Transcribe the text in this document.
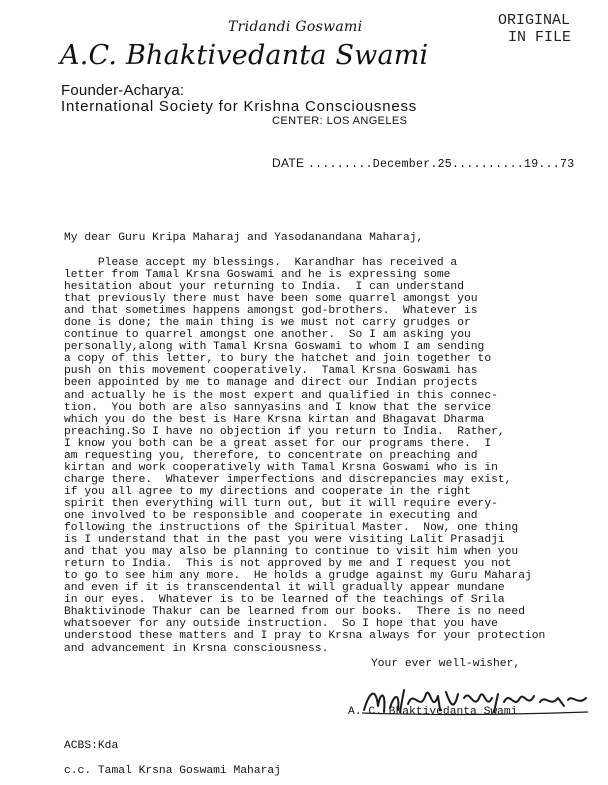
Tridandi Goswami	ORIGINAL
IN FILE
A.C. Bhaktivedanta Swami
Founder-Acharya:
International Society for Krishna Consciousness
CENTER: LOS ANGELES
DATE .........December.25..........19...73
My dear Guru Kripa Maharaj and Yasodanandana Maharaj,
Please accept my blessings.  Karandhar has received a
letter from Tamal Krsna Goswami and he is expressing some
hesitation about your returning to India.  I can understand
that previously there must have been some quarrel amongst you
and that sometimes happens amongst god-brothers.  Whatever is
done is done; the main thing is we must not carry grudges or
continue to quarrel amongst one another.  So I am asking you
personally,along with Tamal Krsna Goswami to whom I am sending
a copy of this letter, to bury the hatchet and join together to
push on this movement cooperatively.  Tamal Krsna Goswami has
been appointed by me to manage and direct our Indian projects
and actually he is the most expert and qualified in this connec-
tion.  You both are also sannyasins and I know that the service
which you do the best is Hare Krsna kirtan and Bhagavat Dharma
preaching.So I have no objection if you return to India.  Rather,
I know you both can be a great asset for our programs there.  I
am requesting you, therefore, to concentrate on preaching and
kirtan and work cooperatively with Tamal Krsna Goswami who is in
charge there.  Whatever imperfections and discrepancies may exist,
if you all agree to my directions and cooperate in the right
spirit then everything will turn out, but it will require every-
one involved to be responsible and cooperate in executing and
following the instructions of the Spiritual Master.  Now, one thing
is I understand that in the past you were visiting Lalit Prasadji
and that you may also be planning to continue to visit him when you
return to India.  This is not approved by me and I request you not
to go to see him any more.  He holds a grudge against my Guru Maharaj
and even if it is transcendental it will gradually appear mundane
in our eyes.  Whatever is to be learned of the teachings of Srila
Bhaktivinode Thakur can be learned from our books.  There is no need
whatsoever for any outside instruction.  So I hope that you have
understood these matters and I pray to Krsna always for your protection
and advancement in Krsna consciousness.
Your ever well-wisher,

A. C. Bhaktivedanta Swami
ACBS:Kda
c.c. Tamal Krsna Goswami Maharaj
